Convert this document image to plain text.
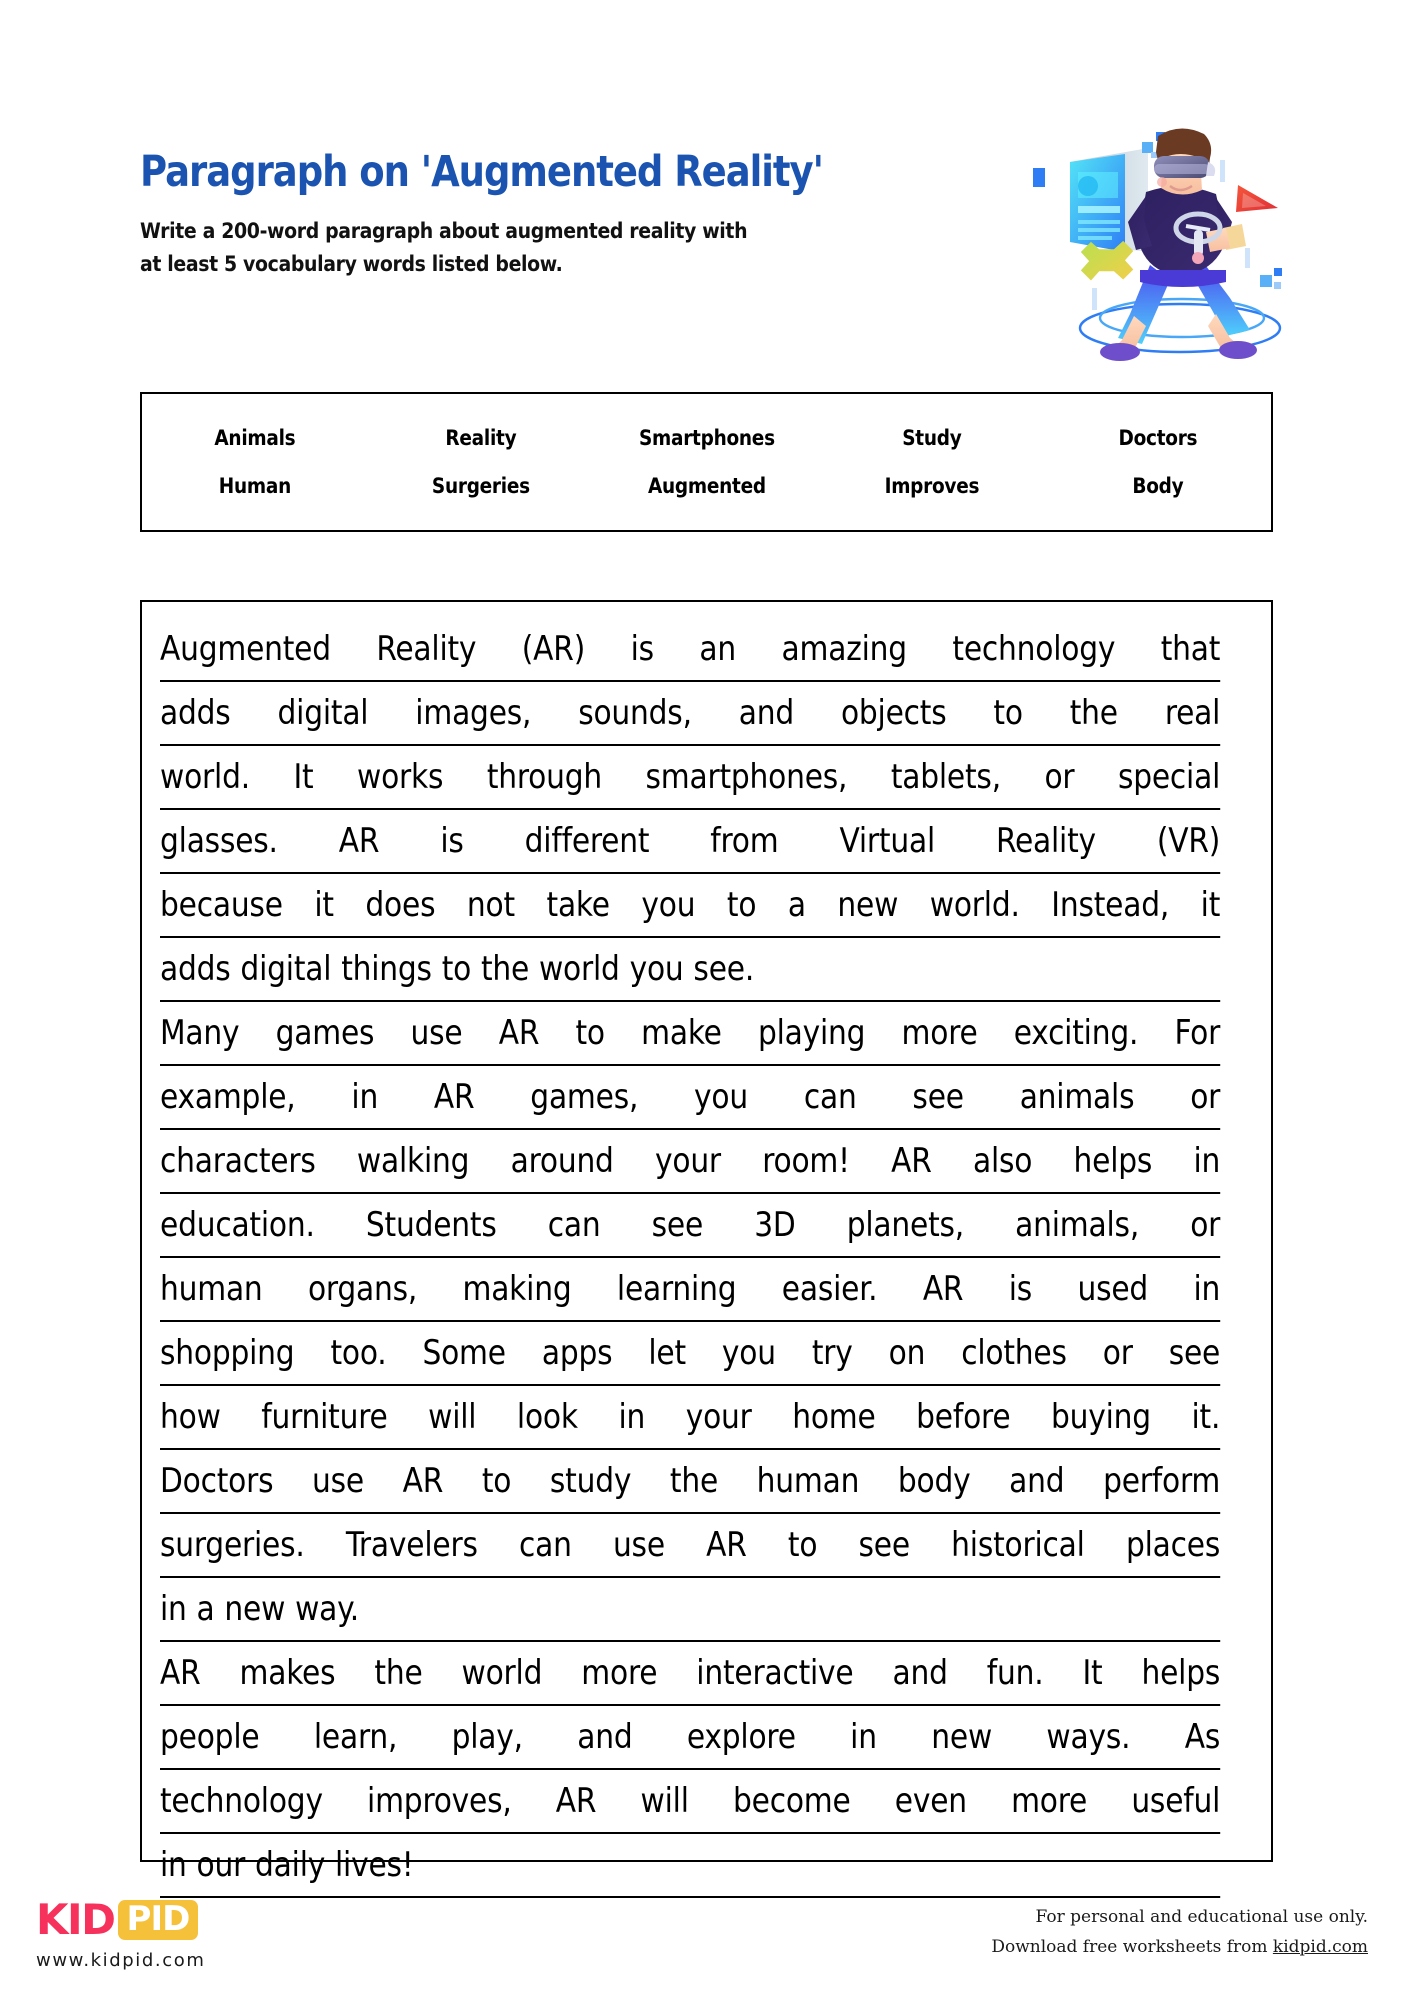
Paragraph on 'Augmented Reality'
Write a 200-word paragraph about augmented reality with
at least 5 vocabulary words listed below.
Animals	Reality	Smartphones	Study	Doctors
Human	Surgeries	Augmented	Improves	Body
Augmented Reality (AR) is an amazing technology that
adds digital images, sounds, and objects to the real
world. It works through smartphones, tablets, or special
glasses. AR is different from Virtual Reality (VR)
because it does not take you to a new world. Instead, it
adds digital things to the world you see.
Many games use AR to make playing more exciting. For
example, in AR games, you can see animals or
characters walking around your room! AR also helps in
education. Students can see 3D planets, animals, or
human organs, making learning easier. AR is used in
shopping too. Some apps let you try on clothes or see
how furniture will look in your home before buying it.
Doctors use AR to study the human body and perform
surgeries. Travelers can use AR to see historical places
in a new way.
AR makes the world more interactive and fun. It helps
people learn, play, and explore in new ways. As
technology improves, AR will become even more useful
in our daily lives!
KID PID
www.kidpid.com
For personal and educational use only.
Download free worksheets from kidpid.com
